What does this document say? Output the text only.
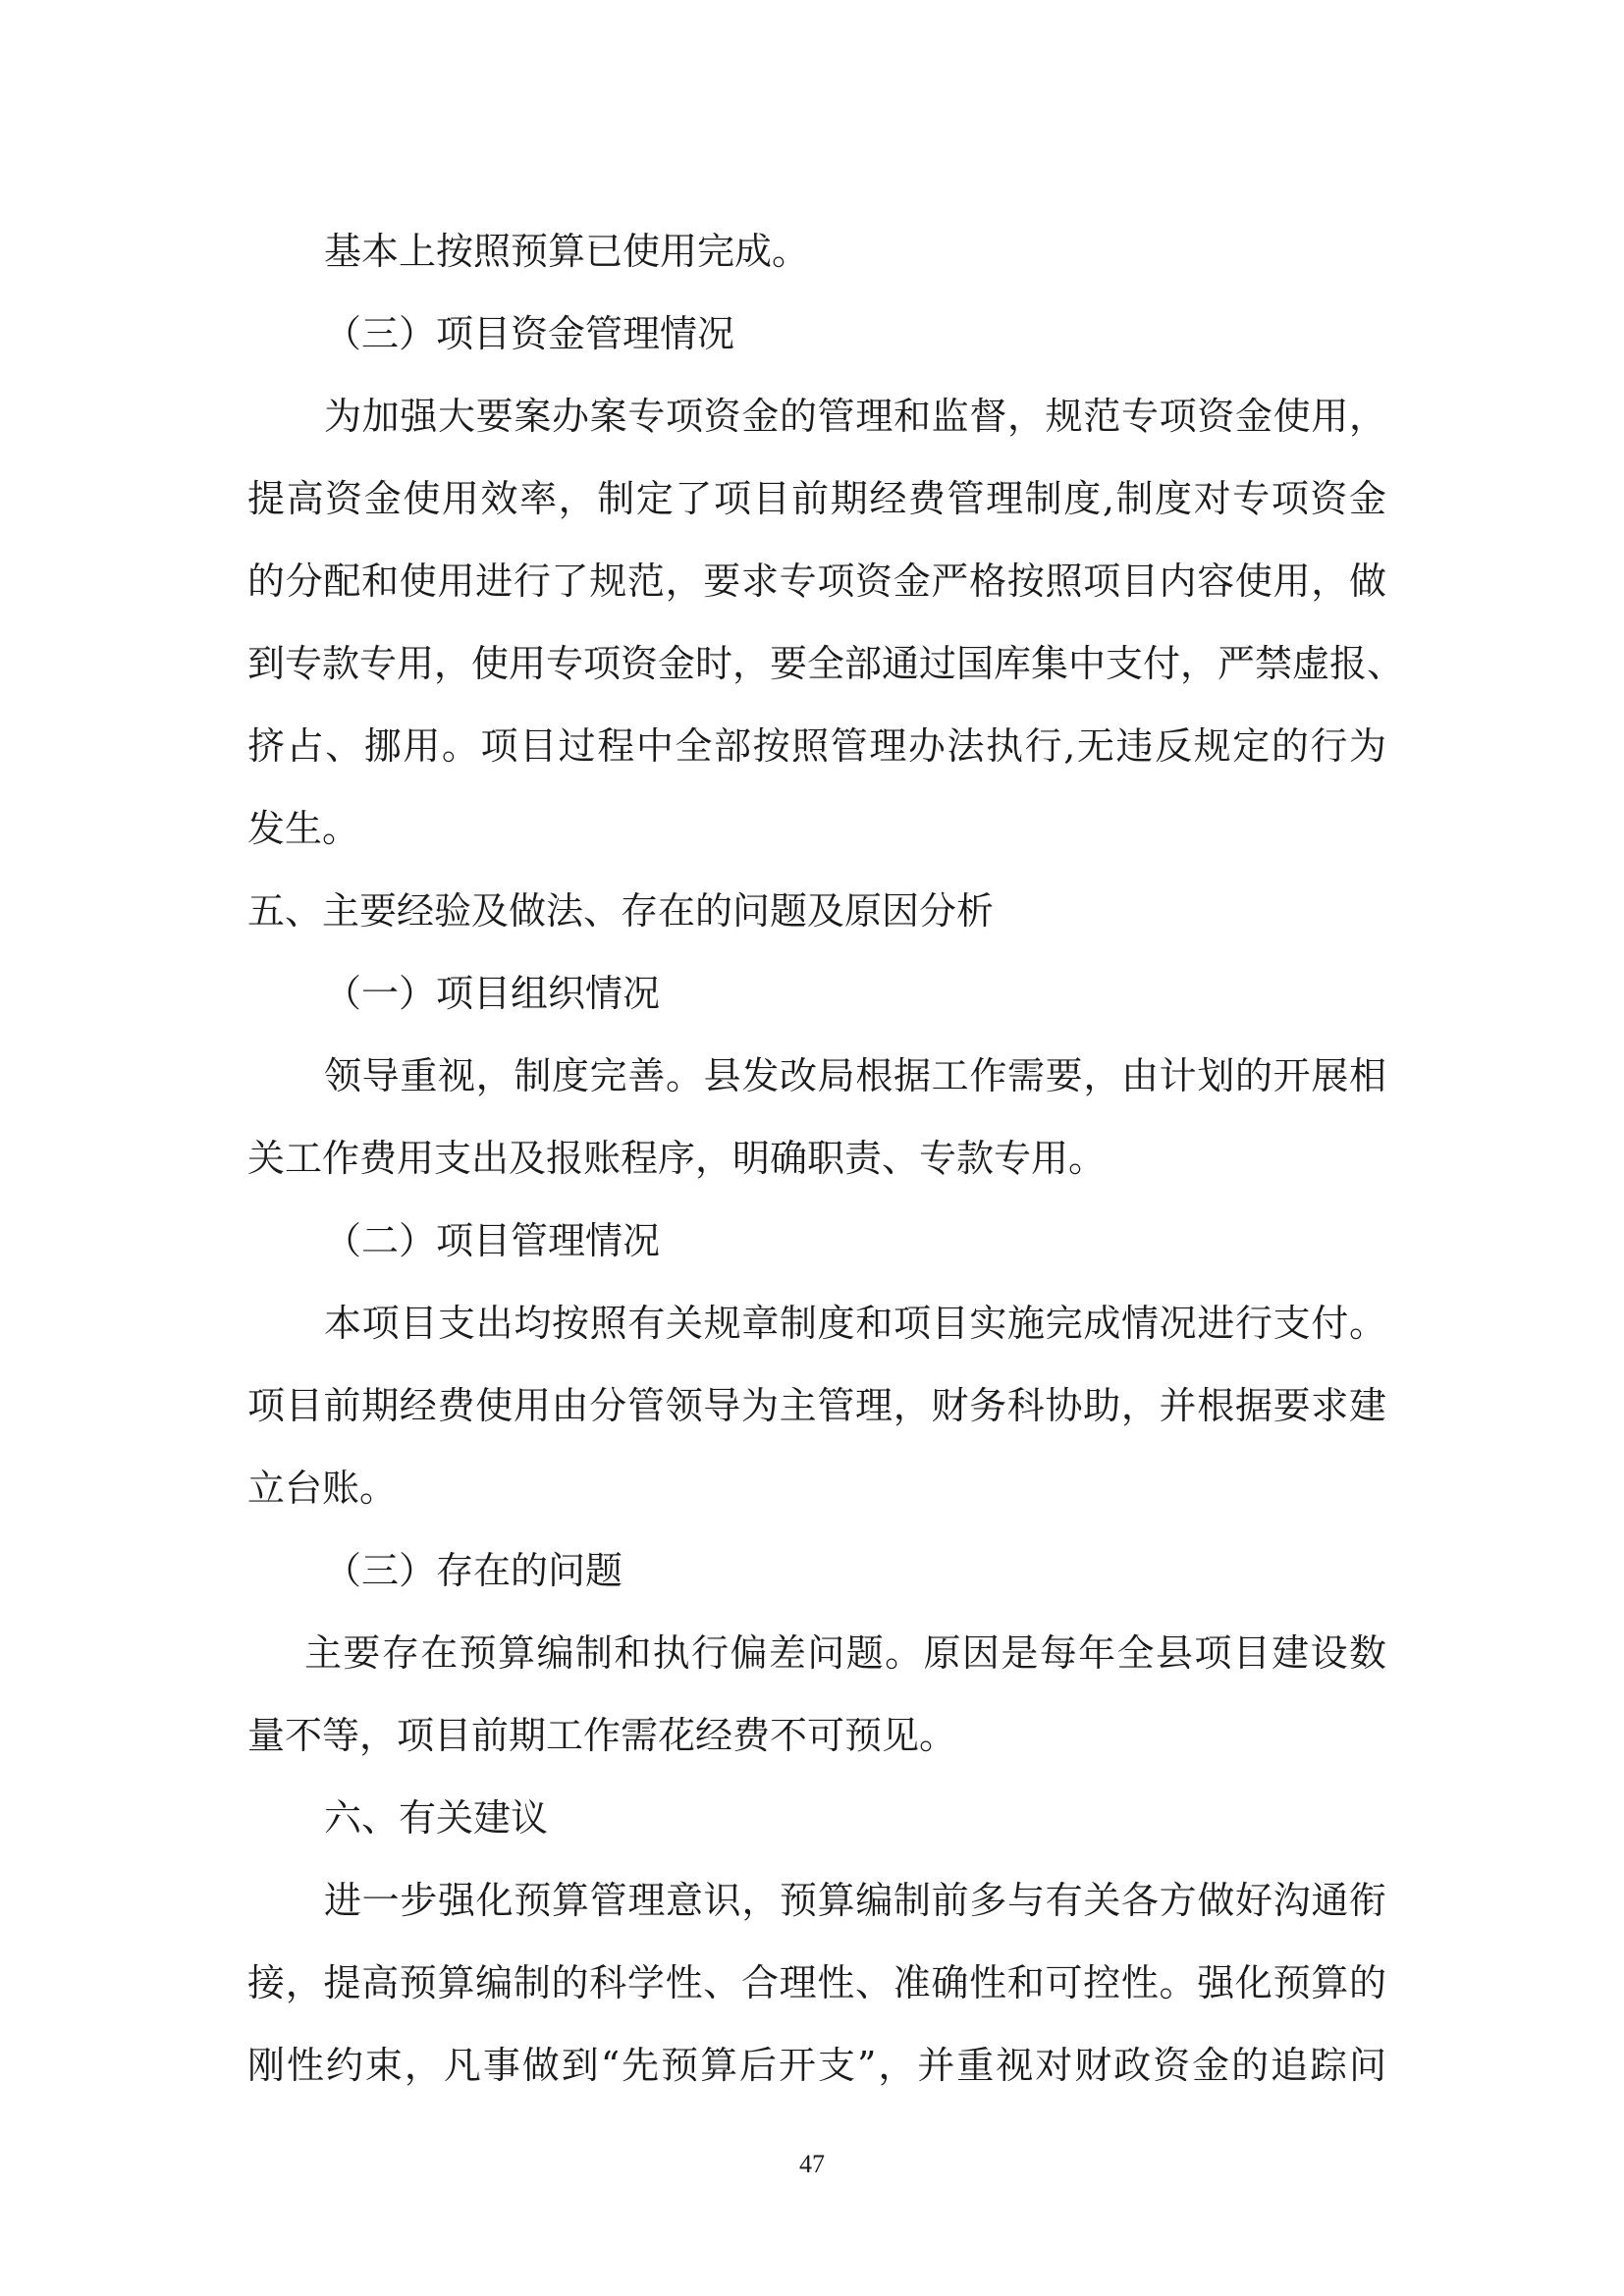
基本上按照预算已使用完成。
（三）项目资金管理情况
为加强大要案办案专项资金的管理和监督，规范专项资金使用，
提高资金使用效率，制定了项目前期经费管理制度,制度对专项资金
的分配和使用进行了规范，要求专项资金严格按照项目内容使用，做
到专款专用，使用专项资金时，要全部通过国库集中支付，严禁虚报、
挤占、挪用。项目过程中全部按照管理办法执行,无违反规定的行为
发生。
五、主要经验及做法、存在的问题及原因分析
（一）项目组织情况
领导重视，制度完善。县发改局根据工作需要，由计划的开展相
关工作费用支出及报账程序，明确职责、专款专用。
（二）项目管理情况
本项目支出均按照有关规章制度和项目实施完成情况进行支付。
项目前期经费使用由分管领导为主管理，财务科协助，并根据要求建
立台账。
（三）存在的问题
主要存在预算编制和执行偏差问题。原因是每年全县项目建设数
量不等，项目前期工作需花经费不可预见。
六、有关建议
进一步强化预算管理意识，预算编制前多与有关各方做好沟通衔
接，提高预算编制的科学性、合理性、准确性和可控性。强化预算的
刚性约束，凡事做到“先预算后开支”，并重视对财政资金的追踪问
47
